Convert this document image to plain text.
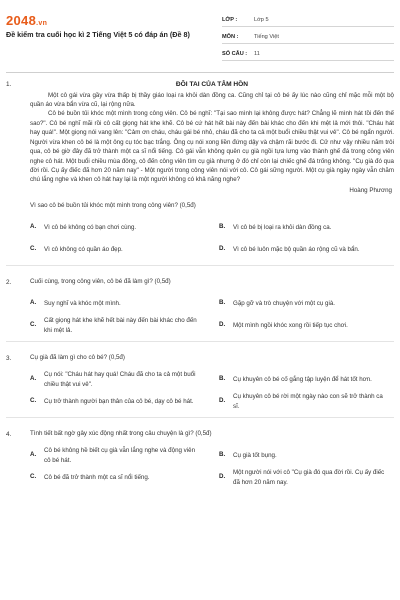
2048.vn
Đề kiểm tra cuối học kì 2 Tiếng Việt 5 có đáp án (Đề 8)
LỚP :	Lớp 5
MÔN :	Tiếng Việt
SỐ CÂU :	11
1.	ĐÔI TAI CỦA TÂM HỒN

Một cô gái vừa gầy vừa thấp bị thầy giáo loại ra khỏi dàn đồng ca. Cũng chỉ tại cô bé ấy lúc nào cũng chỉ mặc mỗi một bộ quần áo vừa bẩn vừa cũ, lại rộng nữa.

Cô bé buồn tủi khóc một mình trong công viên. Cô bé nghĩ: "Tại sao mình lại không được hát? Chẳng lẽ mình hát tồi đến thế sao?". Cô bé nghĩ mãi rồi cô cất giọng hát khe khẽ. Cô bé cứ hát hết bài này đến bài khác cho đến khi mệt lả mới thôi. "Cháu hát hay quá!". Một giọng nói vang lên: "Cảm ơn cháu, cháu gái bé nhỏ, cháu đã cho ta cả một buổi chiều thật vui vẻ". Cô bé ngẩn người. Người vừa khen cô bé là một ông cụ tóc bạc trắng. Ông cụ nói xong liền đứng dậy và chậm rãi bước đi. Cử như vậy nhiều năm trôi qua, cô bé giờ đây đã trở thành một ca sĩ nổi tiếng. Cô gái vẫn không quên cụ già ngồi tựa lưng vào thành ghế đá trong công viên nghe cô hát. Một buổi chiều mùa đông, cô đến công viên tìm cụ già nhưng ở đó chỉ còn lại chiếc ghế đá trống không. "Cụ già đó qua đời rồi. Cụ ấy điếc đã hơn 20 năm nay" - Một người trong công viên nói với cô. Cô gái sững người. Một cụ già ngày ngày vẫn chăm chú lắng nghe và khen cô hát hay lại là một người không có khả năng nghe?

Hoàng Phương
Vì sao cô bé buồn tủi khóc một mình trong công viên? (0,5đ)
A.	Vì cô bé không có bạn chơi cùng.	B.	Vì cô bé bị loại ra khỏi dàn đồng ca.
C.	Vì cô không có quần áo đẹp.	D.	Vì cô bé luôn mặc bộ quần áo rộng cũ và bẩn.
2.	Cuối cùng, trong công viên, cô bé đã làm gì? (0,5đ)
A.	Suy nghĩ và khóc một mình.	B.	Gặp gỡ và trò chuyện với một cụ già.
C.
Cất giọng hát khe khẽ hết bài này đến bài khác cho đến khi mệt lả.
D.	Một mình ngồi khóc xong rồi tiếp tục chơi.
3.	Cụ già đã làm gì cho cô bé? (0,5đ)
A.
Cụ nói: "Cháu hát hay quá! Cháu đã cho ta cả một buổi chiều thật vui vẻ".
B.	Cụ khuyên cô bé cố gắng tập luyện để hát tốt hơn.
C.	Cụ trở thành người bạn thân của cô bé, dạy cô bé hát.	D.
Cụ khuyên cô bé rời một ngày nào con sẽ trở thành ca sĩ.
4.	Tình tiết bất ngờ gây xúc động nhất trong câu chuyện là gì? (0,5đ)
A.
Cô bé không hề biết cụ già vẫn lắng nghe và động viên cô bé hát.
B.	Cụ già tốt bụng.
C.	Cô bé đã trở thành một ca sĩ nổi tiếng.	D.
Một người nói với cô "Cụ già đó qua đời rồi. Cụ ấy điếc đã hơn 20 năm nay.
